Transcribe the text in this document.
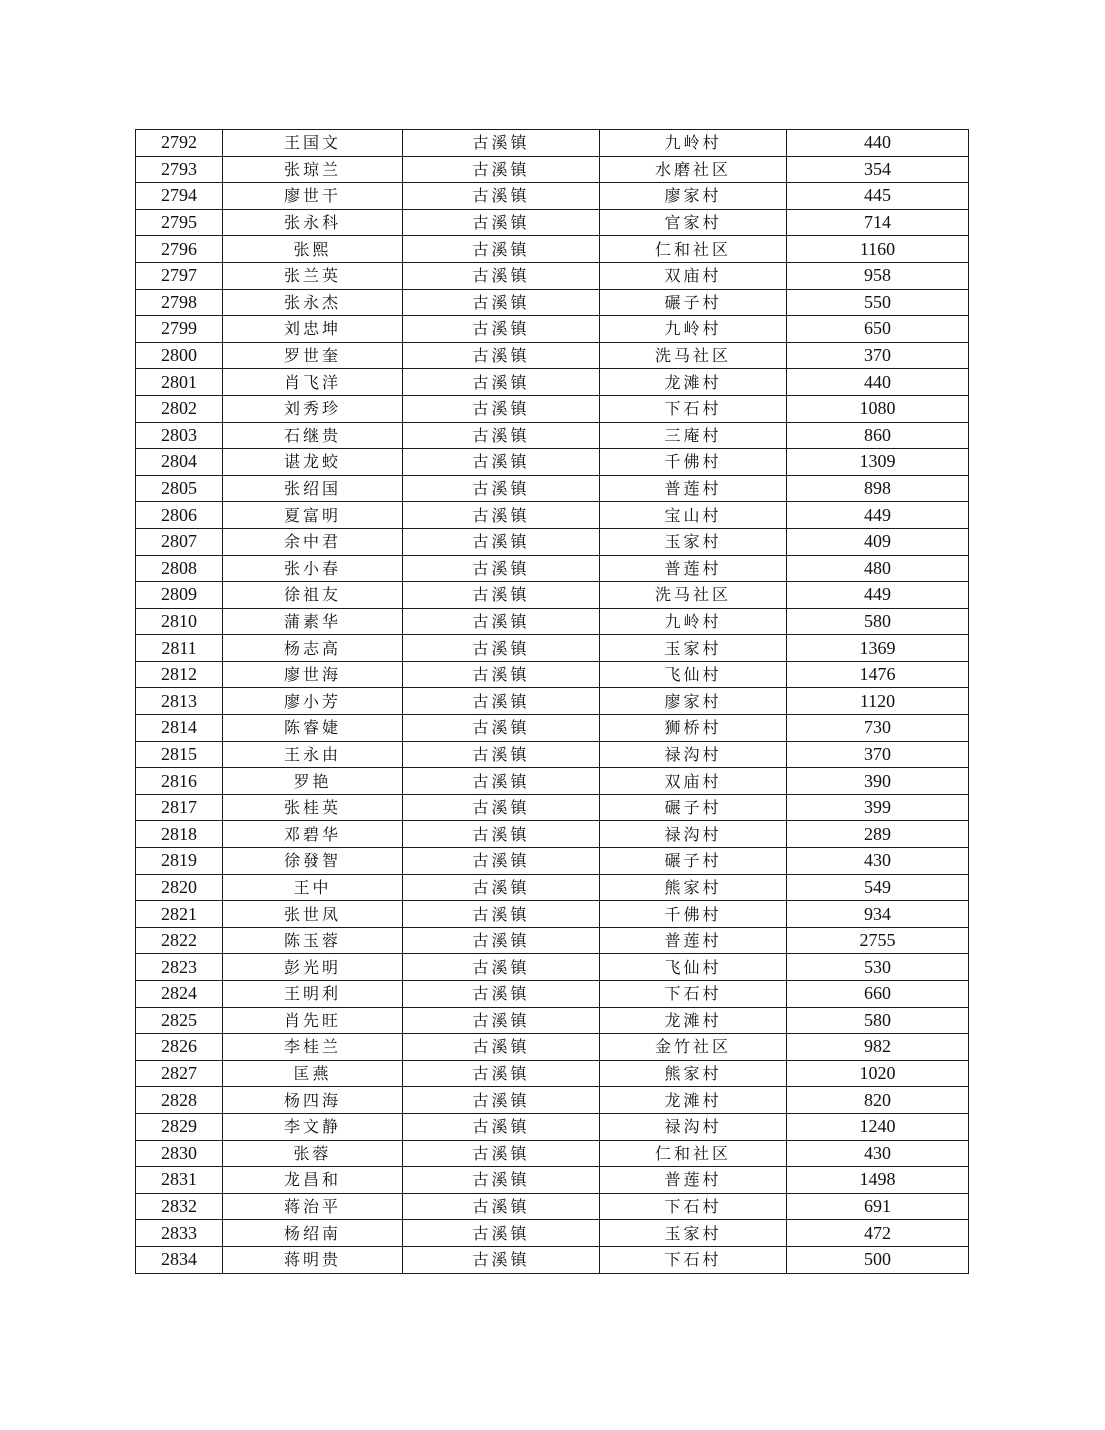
2792	王国文	古溪镇	九岭村	440
2793	张琼兰	古溪镇	水磨社区	354
2794	廖世干	古溪镇	廖家村	445
2795	张永科	古溪镇	官家村	714
2796	张熙	古溪镇	仁和社区	1160
2797	张兰英	古溪镇	双庙村	958
2798	张永杰	古溪镇	碾子村	550
2799	刘忠坤	古溪镇	九岭村	650
2800	罗世奎	古溪镇	洗马社区	370
2801	肖飞洋	古溪镇	龙滩村	440
2802	刘秀珍	古溪镇	下石村	1080
2803	石继贵	古溪镇	三庵村	860
2804	谌龙蛟	古溪镇	千佛村	1309
2805	张绍国	古溪镇	普莲村	898
2806	夏富明	古溪镇	宝山村	449
2807	余中君	古溪镇	玉家村	409
2808	张小春	古溪镇	普莲村	480
2809	徐祖友	古溪镇	洗马社区	449
2810	蒲素华	古溪镇	九岭村	580
2811	杨志高	古溪镇	玉家村	1369
2812	廖世海	古溪镇	飞仙村	1476
2813	廖小芳	古溪镇	廖家村	1120
2814	陈睿婕	古溪镇	狮桥村	730
2815	王永由	古溪镇	禄沟村	370
2816	罗艳	古溪镇	双庙村	390
2817	张桂英	古溪镇	碾子村	399
2818	邓碧华	古溪镇	禄沟村	289
2819	徐發智	古溪镇	碾子村	430
2820	王中	古溪镇	熊家村	549
2821	张世凤	古溪镇	千佛村	934
2822	陈玉蓉	古溪镇	普莲村	2755
2823	彭光明	古溪镇	飞仙村	530
2824	王明利	古溪镇	下石村	660
2825	肖先旺	古溪镇	龙滩村	580
2826	李桂兰	古溪镇	金竹社区	982
2827	匡燕	古溪镇	熊家村	1020
2828	杨四海	古溪镇	龙滩村	820
2829	李文静	古溪镇	禄沟村	1240
2830	张蓉	古溪镇	仁和社区	430
2831	龙昌和	古溪镇	普莲村	1498
2832	蒋治平	古溪镇	下石村	691
2833	杨绍南	古溪镇	玉家村	472
2834	蒋明贵	古溪镇	下石村	500
